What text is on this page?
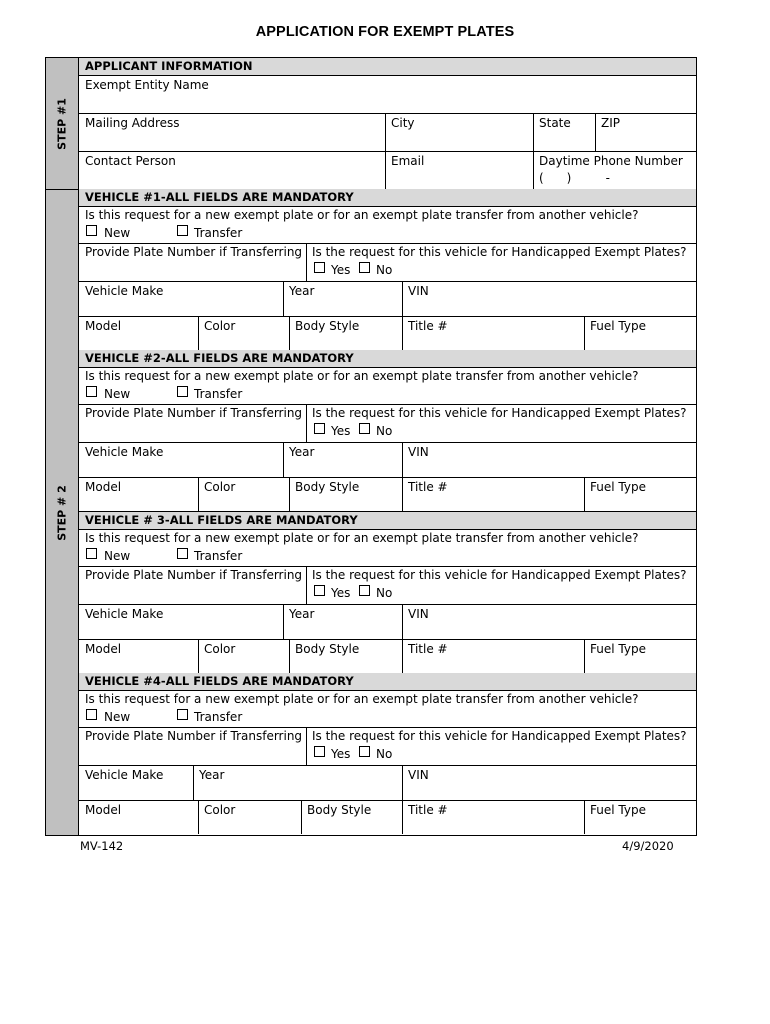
APPLICATION FOR EXEMPT PLATES
STEP #1
STEP # 2
APPLICANT INFORMATION
Exempt Entity Name
Mailing Address	City	State	ZIP
Contact Person	Email	Daytime Phone Number
(      )         -
VEHICLE #1-ALL FIELDS ARE MANDATORY
Is this request for a new exempt plate or for an exempt plate transfer from another vehicle?
New	Transfer
Provide Plate Number if Transferring Is the request for this vehicle for Handicapped Exempt Plates?
Yes No
Vehicle Make	Year	VIN
Model	Color	Body Style	Title #	Fuel Type
VEHICLE #2-ALL FIELDS ARE MANDATORY
Is this request for a new exempt plate or for an exempt plate transfer from another vehicle?
New	Transfer
Provide Plate Number if Transferring Is the request for this vehicle for Handicapped Exempt Plates?
Yes No
Vehicle Make	Year	VIN
Model	Color	Body Style	Title #	Fuel Type
VEHICLE # 3-ALL FIELDS ARE MANDATORY
Is this request for a new exempt plate or for an exempt plate transfer from another vehicle?
New	Transfer
Provide Plate Number if Transferring Is the request for this vehicle for Handicapped Exempt Plates?
Yes No
Vehicle Make	Year	VIN
Model	Color	Body Style	Title #	Fuel Type
VEHICLE #4-ALL FIELDS ARE MANDATORY
Is this request for a new exempt plate or for an exempt plate transfer from another vehicle?
New	Transfer
Provide Plate Number if Transferring Is the request for this vehicle for Handicapped Exempt Plates?
Yes No
Vehicle Make	Year	VIN
Model	Color	Body Style	Title #	Fuel Type
MV-142	4/9/2020
